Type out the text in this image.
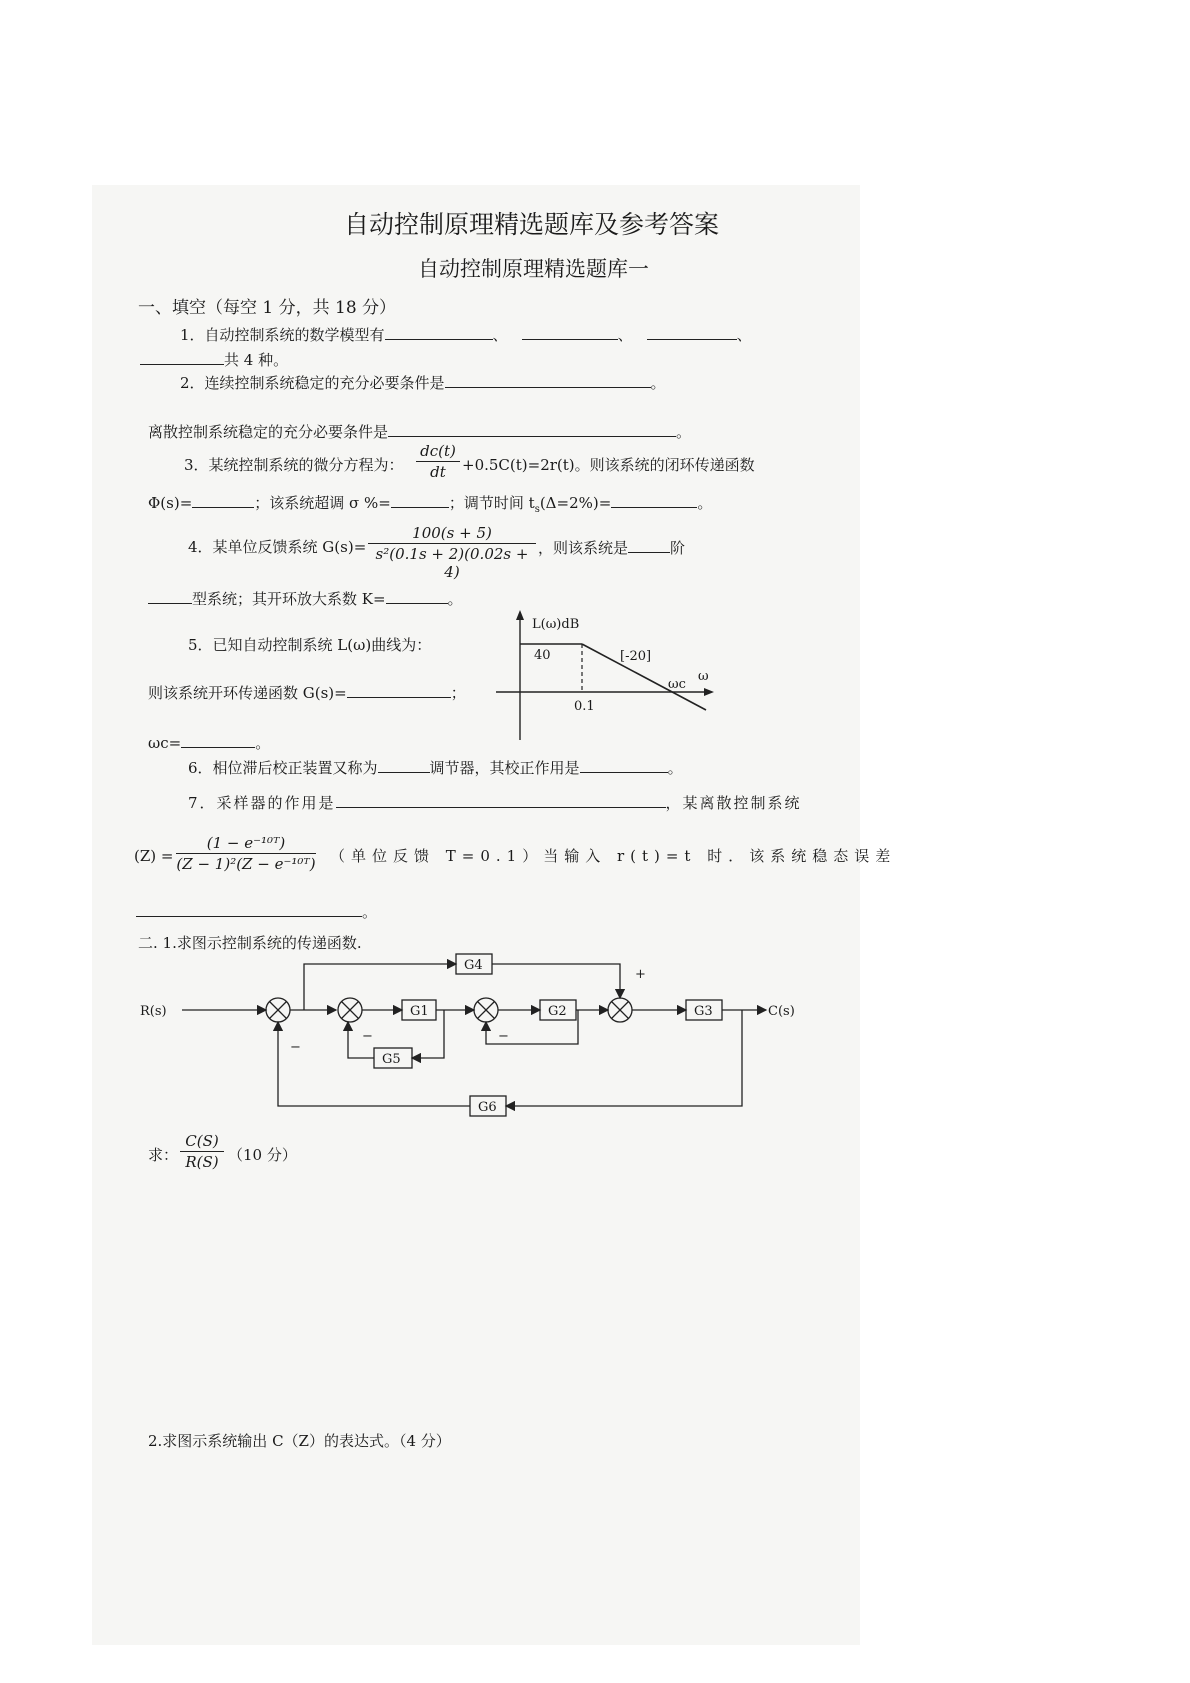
自动控制原理精选题库及参考答案
自动控制原理精选题库一
一、填空（每空 1 分，共 18 分）
1．自动控制系统的数学模型有	、	、	、
共 4 种。
2．连续控制系统稳定的充分必要条件是	。
离散控制系统稳定的充分必要条件是	。
3．某统控制系统的微分方程为： $\frac{dc(t)}{dt} +0.5C(t)=2r(t)$。则该系统的闭环传递函数
Φ(s)=	；该系统超调 σ %=	；调节时间 $t_s(\Delta=2\%)=$	。
4．某单位反馈系统 $G(s)= \frac{100(s + 5)}{\text{s²(0.1s + 2)(0.02s + 4)}}$ ，则该系统是	阶
型系统；其开环放大系数 K=	。
5．已知自动控制系统 L(ω)曲线为：
则该系统开环传递函数 G(s)=	；
ωc=	。
L(ω)dB
40
0.1
[-20]
ωc
ω
6．相位滞后校正装置又称为	调节器，其校正作用是	。
7．采样器的作用是	，某离散控制系统
$(Z) = \frac{\text{(1 − e⁻¹⁰ᵀ)}}{\text{(Z − 1)²(Z − e⁻¹⁰ᵀ)}}$ （单位反馈 T=0.1）当输入 r(t)=t 时．该系统稳态误差
。
二. 1.求图示控制系统的传递函数.
R(s)	C(s)
G1	G2	G3
G4
G5
G6
+
−
−	−
求： $\frac{C(S)}{R(S)} (10$ 分）
2.求图示系统输出 C（Z）的表达式。（4 分）
